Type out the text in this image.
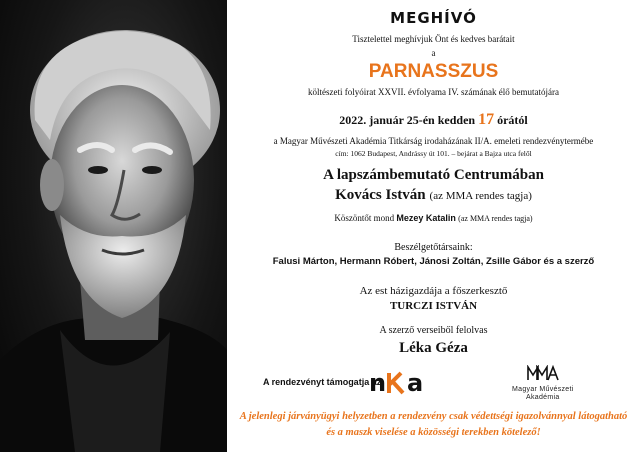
MEGHÍVÓ
Tisztelettel meghívjuk Önt és kedves barátait
a
PARNASSZUS
költészeti folyóirat XXVII. évfolyama IV. számának élő bemutatójára
2022. január 25-én kedden 17 órától
a Magyar Művészeti Akadémia Titkárság irodaházának II/A. emeleti rendezvénytermébe
cím: 1062 Budapest, Andrássy út 101. – bejárat a Bajza utca felől
A lapszámbemutató Centrumában
Kovács István (az MMA rendes tagja)
Köszöntőt mond Mezey Katalin (az MMA rendes tagja)
Beszélgetőtársaink:
Falusi Márton, Hermann Róbert, Jánosi Zoltán, Zsille Gábor és a szerző
Az est házigazdája a főszerkesztő
TURCZI ISTVÁN
A szerző verseiből felolvas
Léka Géza
A rendezvényt támogatja az
n a	Magyar Művészeti
Akadémia
A jelenlegi járványügyi helyzetben a rendezvény csak védettségi igazolvánnyal látogatható
és a maszk viselése a közösségi terekben kötelező!
